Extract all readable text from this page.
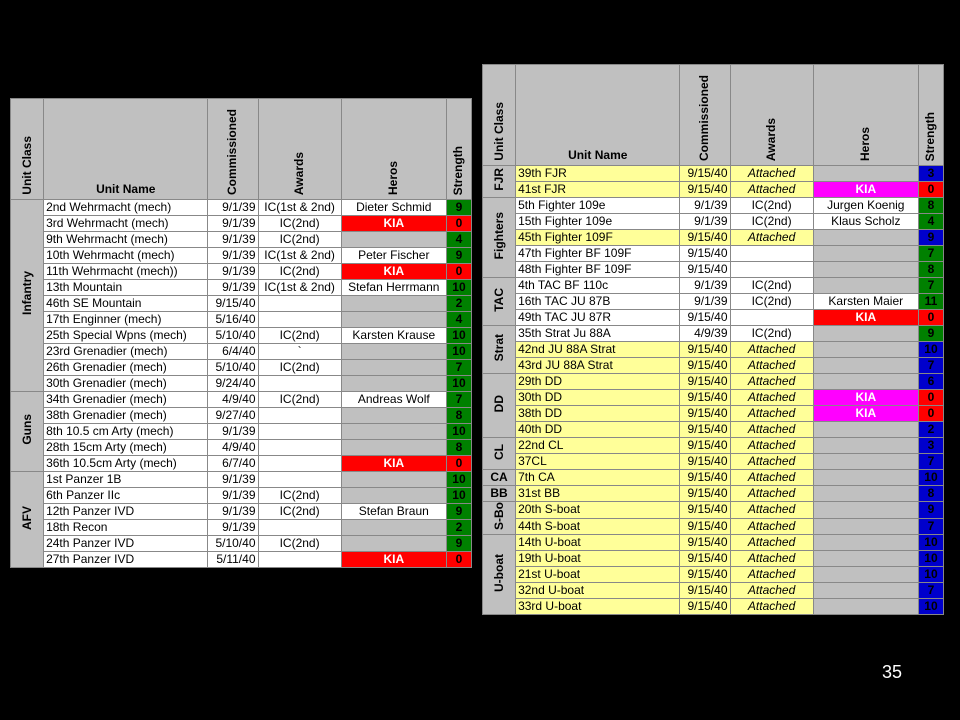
Unit Class	Unit Name	Commissioned	Awards	Heros	Strength
Infantry	2nd Wehrmacht (mech)	9/1/39	IC(1st & 2nd)	Dieter Schmid	9
	3rd Wehrmacht (mech)	9/1/39	IC(2nd)	KIA	0
	9th Wehrmacht (mech)	9/1/39	IC(2nd)		4
	10th Wehrmacht (mech)	9/1/39	IC(1st & 2nd)	Peter Fischer	9
	11th Wehrmacht (mech))	9/1/39	IC(2nd)	KIA	0
	13th Mountain	9/1/39	IC(1st & 2nd)	Stefan Herrmann	10
	46th SE Mountain	9/15/40			2
	17th Enginner (mech)	5/16/40			4
	25th Special Wpns (mech)	5/10/40	IC(2nd)	Karsten Krause	10
	23rd Grenadier (mech)	6/4/40	`		10
	26th Grenadier (mech)	5/10/40	IC(2nd)		7
	30th Grenadier (mech)	9/24/40			10
Guns	34th Grenadier (mech)	4/9/40	IC(2nd)	Andreas Wolf	7
	38th Grenadier (mech)	9/27/40			8
	8th 10.5 cm Arty (mech)	9/1/39			10
	28th 15cm Arty (mech)	4/9/40			8
	36th 10.5cm Arty (mech)	6/7/40		KIA	0
AFV	1st Panzer 1B	9/1/39			10
	6th Panzer IIc	9/1/39	IC(2nd)		10
	12th Panzer IVD	9/1/39	IC(2nd)	Stefan Braun	9
	18th Recon	9/1/39			2
	24th Panzer IVD	5/10/40	IC(2nd)		9
	27th Panzer IVD	5/11/40		KIA	0
Unit Class	Unit Name	Commissioned	Awards	Heros	Strength
FJR	39th FJR	9/15/40	Attached		3
	41st FJR	9/15/40	Attached	KIA	0
Fighters	5th Fighter 109e	9/1/39	IC(2nd)	Jurgen Koenig	8
	15th Fighter 109e	9/1/39	IC(2nd)	Klaus Scholz	4
	45th Fighter 109F	9/15/40	Attached		9
	47th Fighter BF 109F	9/15/40			7
	48th Fighter BF 109F	9/15/40			8
TAC	4th TAC BF 110c	9/1/39	IC(2nd)		7
	16th TAC JU 87B	9/1/39	IC(2nd)	Karsten Maier	11
	49th TAC JU 87R	9/15/40		KIA	0
Strat	35th Strat Ju 88A	4/9/39	IC(2nd)		9
	42nd JU 88A Strat	9/15/40	Attached		10
	43rd JU 88A Strat	9/15/40	Attached		7
DD	29th DD	9/15/40	Attached		6
	30th DD	9/15/40	Attached	KIA	0
	38th DD	9/15/40	Attached	KIA	0
	40th DD	9/15/40	Attached		2
CL	22nd CL	9/15/40	Attached		3
	37CL	9/15/40	Attached		7
CA	7th CA	9/15/40	Attached		10
BB	31st BB	9/15/40	Attached		8
S-Bo	20th S-boat	9/15/40	Attached		9
	44th S-boat	9/15/40	Attached		7
U-boat	14th U-boat	9/15/40	Attached		10
	19th U-boat	9/15/40	Attached		10
	21st U-boat	9/15/40	Attached		10
	32nd U-boat	9/15/40	Attached		7
	33rd U-boat	9/15/40	Attached		10
35
